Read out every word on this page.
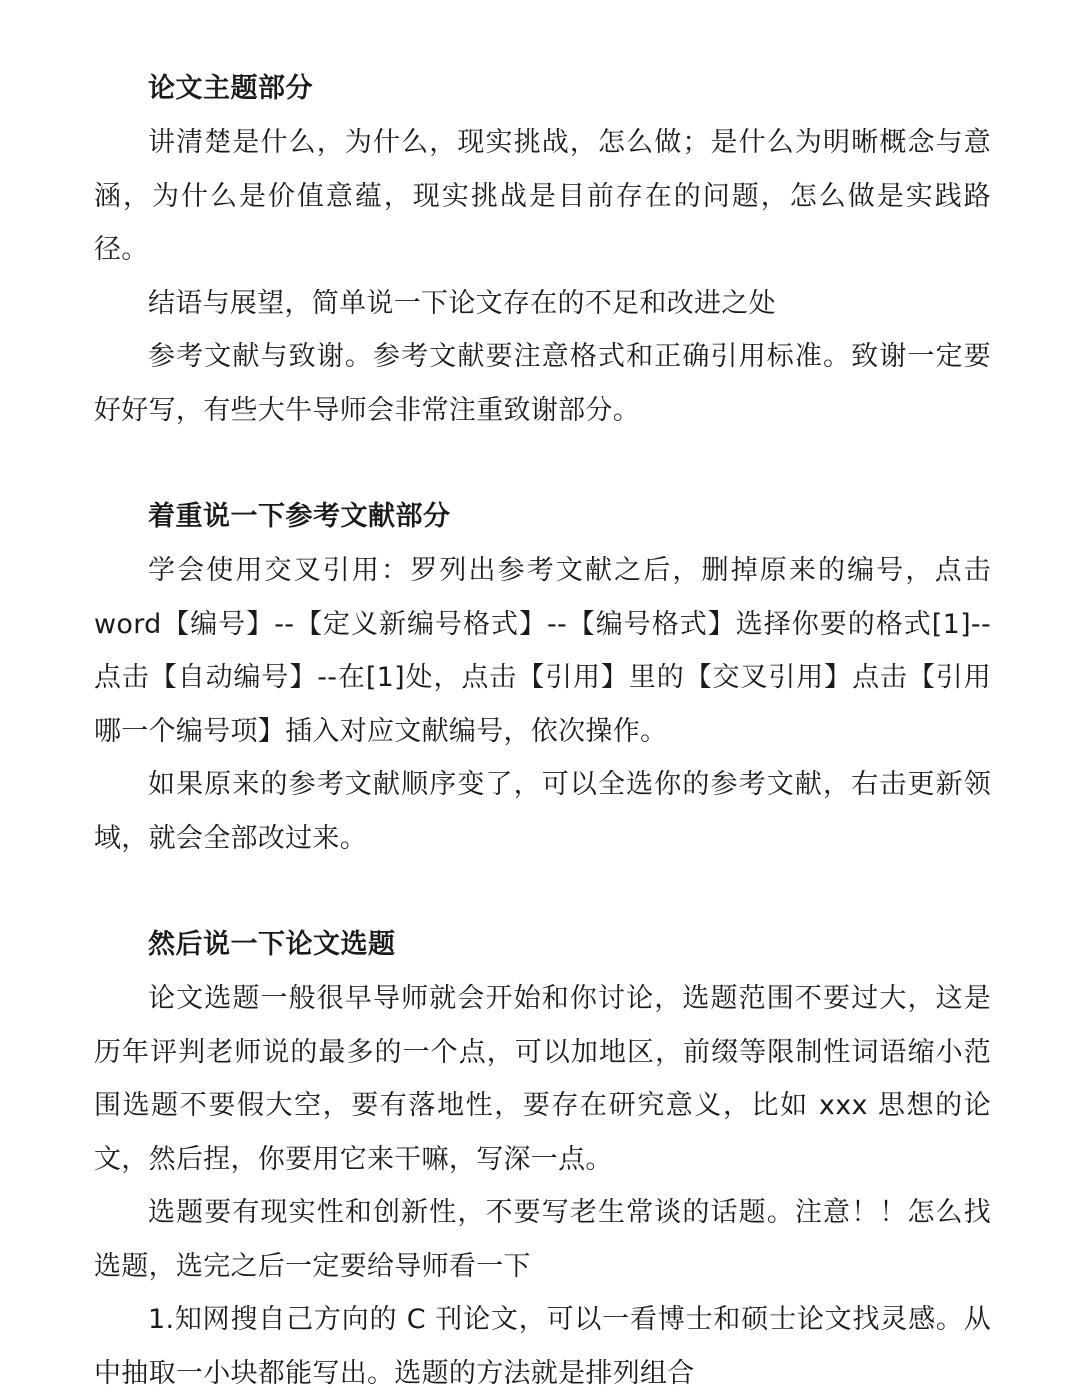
论文主题部分

讲清楚是什么，为什么，现实挑战，怎么做；是什么为明晰概念与意涵，为什么是价值意蕴，现实挑战是目前存在的问题，怎么做是实践路径。

结语与展望，简单说一下论文存在的不足和改进之处

参考文献与致谢。参考文献要注意格式和正确引用标准。致谢一定要好好写，有些大牛导师会非常注重致谢部分。

着重说一下参考文献部分

学会使用交叉引用：罗列出参考文献之后，删掉原来的编号，点击 word【编号】--【定义新编号格式】--【编号格式】选择你要的格式[1]--点击【自动编号】--在[1]处，点击【引用】里的【交叉引用】点击【引用哪一个编号项】插入对应文献编号，依次操作。

如果原来的参考文献顺序变了，可以全选你的参考文献，右击更新领域，就会全部改过来。

然后说一下论文选题

论文选题一般很早导师就会开始和你讨论，选题范围不要过大，这是历年评判老师说的最多的一个点，可以加地区，前缀等限制性词语缩小范围选题不要假大空，要有落地性，要存在研究意义，比如 xxx 思想的论文，然后捏，你要用它来干嘛，写深一点。

选题要有现实性和创新性，不要写老生常谈的话题。注意！！怎么找选题，选完之后一定要给导师看一下

1.知网搜自己方向的 C 刊论文，可以一看博士和硕士论文找灵感。从中抽取一小块都能写出。选题的方法就是排列组合
